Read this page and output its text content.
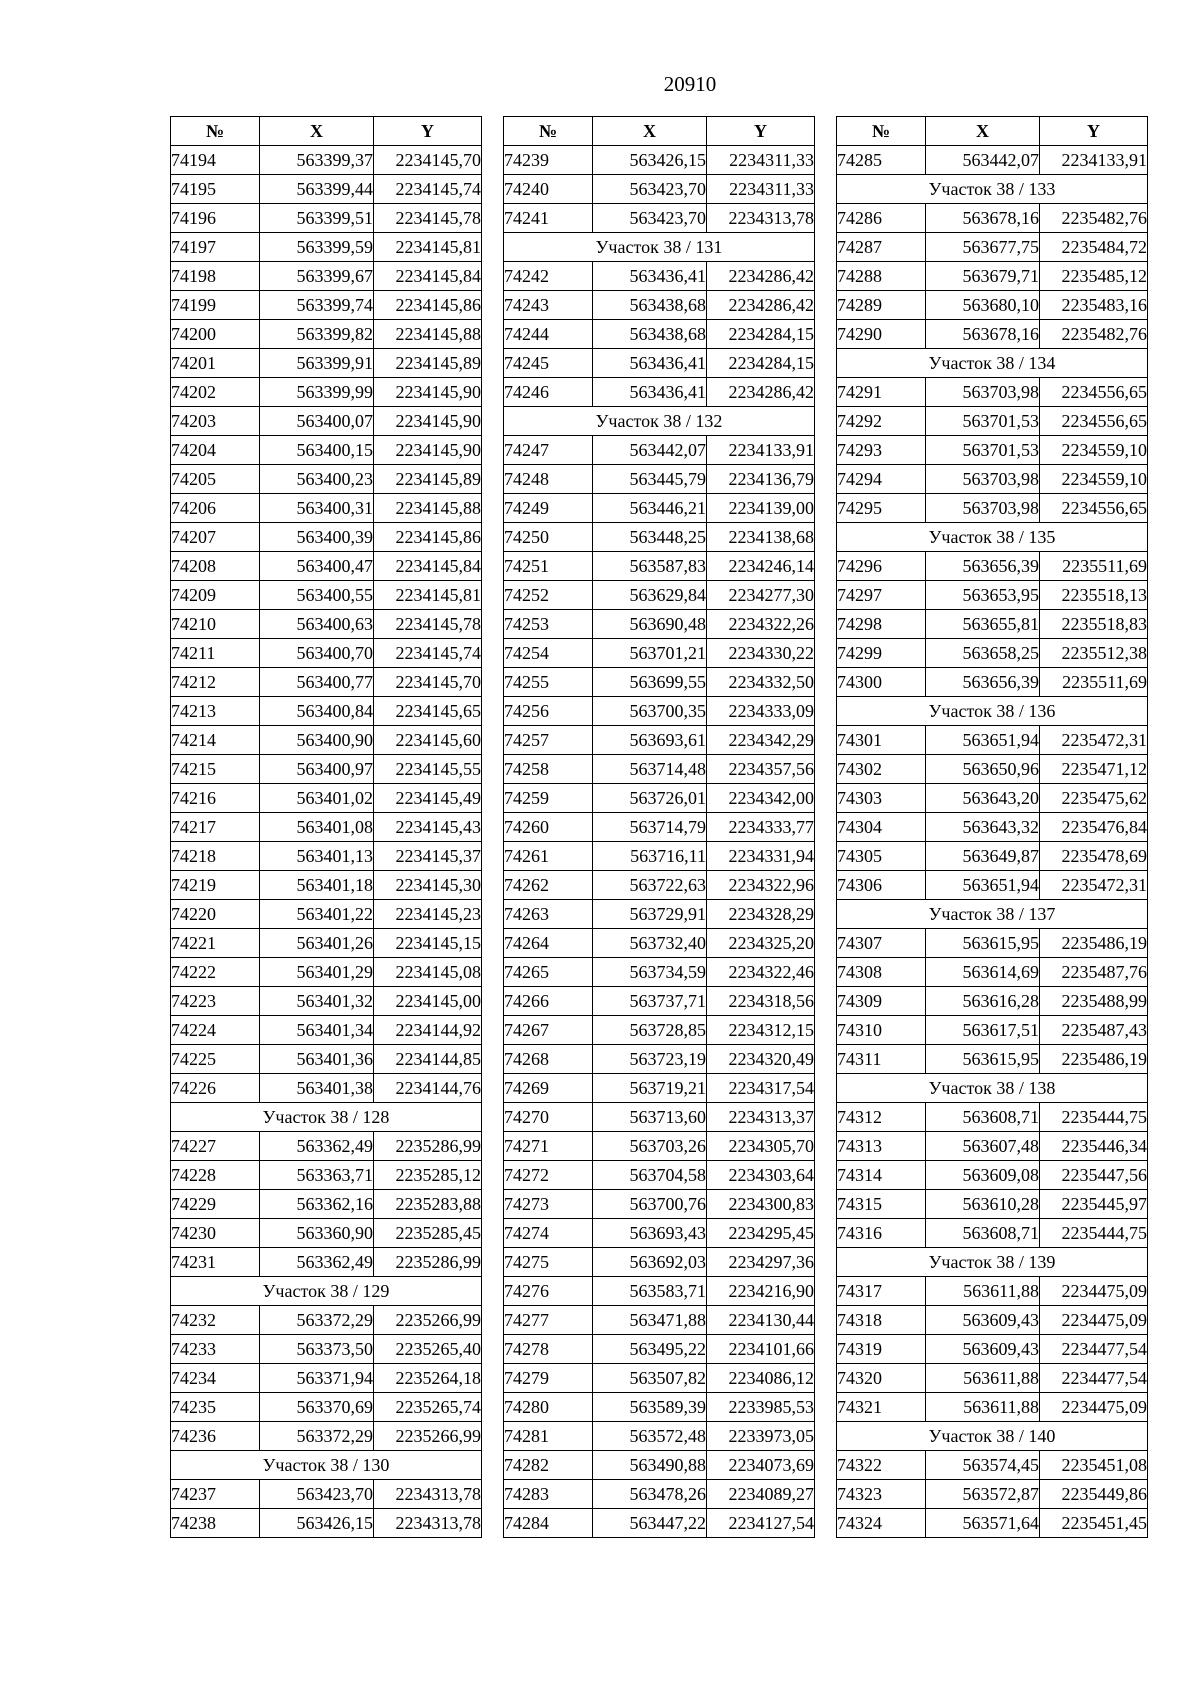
20910
№	X	Y
74194	563399,37	2234145,70
74195	563399,44	2234145,74
74196	563399,51	2234145,78
74197	563399,59	2234145,81
74198	563399,67	2234145,84
74199	563399,74	2234145,86
74200	563399,82	2234145,88
74201	563399,91	2234145,89
74202	563399,99	2234145,90
74203	563400,07	2234145,90
74204	563400,15	2234145,90
74205	563400,23	2234145,89
74206	563400,31	2234145,88
74207	563400,39	2234145,86
74208	563400,47	2234145,84
74209	563400,55	2234145,81
74210	563400,63	2234145,78
74211	563400,70	2234145,74
74212	563400,77	2234145,70
74213	563400,84	2234145,65
74214	563400,90	2234145,60
74215	563400,97	2234145,55
74216	563401,02	2234145,49
74217	563401,08	2234145,43
74218	563401,13	2234145,37
74219	563401,18	2234145,30
74220	563401,22	2234145,23
74221	563401,26	2234145,15
74222	563401,29	2234145,08
74223	563401,32	2234145,00
74224	563401,34	2234144,92
74225	563401,36	2234144,85
74226	563401,38	2234144,76
Участок 38 / 128		
74227	563362,49	2235286,99
74228	563363,71	2235285,12
74229	563362,16	2235283,88
74230	563360,90	2235285,45
74231	563362,49	2235286,99
Участок 38 / 129		
74232	563372,29	2235266,99
74233	563373,50	2235265,40
74234	563371,94	2235264,18
74235	563370,69	2235265,74
74236	563372,29	2235266,99
Участок 38 / 130		
74237	563423,70	2234313,78
74238	563426,15	2234313,78
№	X	Y
74239	563426,15	2234311,33
74240	563423,70	2234311,33
74241	563423,70	2234313,78
Участок 38 / 131		
74242	563436,41	2234286,42
74243	563438,68	2234286,42
74244	563438,68	2234284,15
74245	563436,41	2234284,15
74246	563436,41	2234286,42
Участок 38 / 132		
74247	563442,07	2234133,91
74248	563445,79	2234136,79
74249	563446,21	2234139,00
74250	563448,25	2234138,68
74251	563587,83	2234246,14
74252	563629,84	2234277,30
74253	563690,48	2234322,26
74254	563701,21	2234330,22
74255	563699,55	2234332,50
74256	563700,35	2234333,09
74257	563693,61	2234342,29
74258	563714,48	2234357,56
74259	563726,01	2234342,00
74260	563714,79	2234333,77
74261	563716,11	2234331,94
74262	563722,63	2234322,96
74263	563729,91	2234328,29
74264	563732,40	2234325,20
74265	563734,59	2234322,46
74266	563737,71	2234318,56
74267	563728,85	2234312,15
74268	563723,19	2234320,49
74269	563719,21	2234317,54
74270	563713,60	2234313,37
74271	563703,26	2234305,70
74272	563704,58	2234303,64
74273	563700,76	2234300,83
74274	563693,43	2234295,45
74275	563692,03	2234297,36
74276	563583,71	2234216,90
74277	563471,88	2234130,44
74278	563495,22	2234101,66
74279	563507,82	2234086,12
74280	563589,39	2233985,53
74281	563572,48	2233973,05
74282	563490,88	2234073,69
74283	563478,26	2234089,27
74284	563447,22	2234127,54
№	X	Y
74285	563442,07	2234133,91
Участок 38 / 133		
74286	563678,16	2235482,76
74287	563677,75	2235484,72
74288	563679,71	2235485,12
74289	563680,10	2235483,16
74290	563678,16	2235482,76
Участок 38 / 134		
74291	563703,98	2234556,65
74292	563701,53	2234556,65
74293	563701,53	2234559,10
74294	563703,98	2234559,10
74295	563703,98	2234556,65
Участок 38 / 135		
74296	563656,39	2235511,69
74297	563653,95	2235518,13
74298	563655,81	2235518,83
74299	563658,25	2235512,38
74300	563656,39	2235511,69
Участок 38 / 136		
74301	563651,94	2235472,31
74302	563650,96	2235471,12
74303	563643,20	2235475,62
74304	563643,32	2235476,84
74305	563649,87	2235478,69
74306	563651,94	2235472,31
Участок 38 / 137		
74307	563615,95	2235486,19
74308	563614,69	2235487,76
74309	563616,28	2235488,99
74310	563617,51	2235487,43
74311	563615,95	2235486,19
Участок 38 / 138		
74312	563608,71	2235444,75
74313	563607,48	2235446,34
74314	563609,08	2235447,56
74315	563610,28	2235445,97
74316	563608,71	2235444,75
Участок 38 / 139		
74317	563611,88	2234475,09
74318	563609,43	2234475,09
74319	563609,43	2234477,54
74320	563611,88	2234477,54
74321	563611,88	2234475,09
Участок 38 / 140		
74322	563574,45	2235451,08
74323	563572,87	2235449,86
74324	563571,64	2235451,45
